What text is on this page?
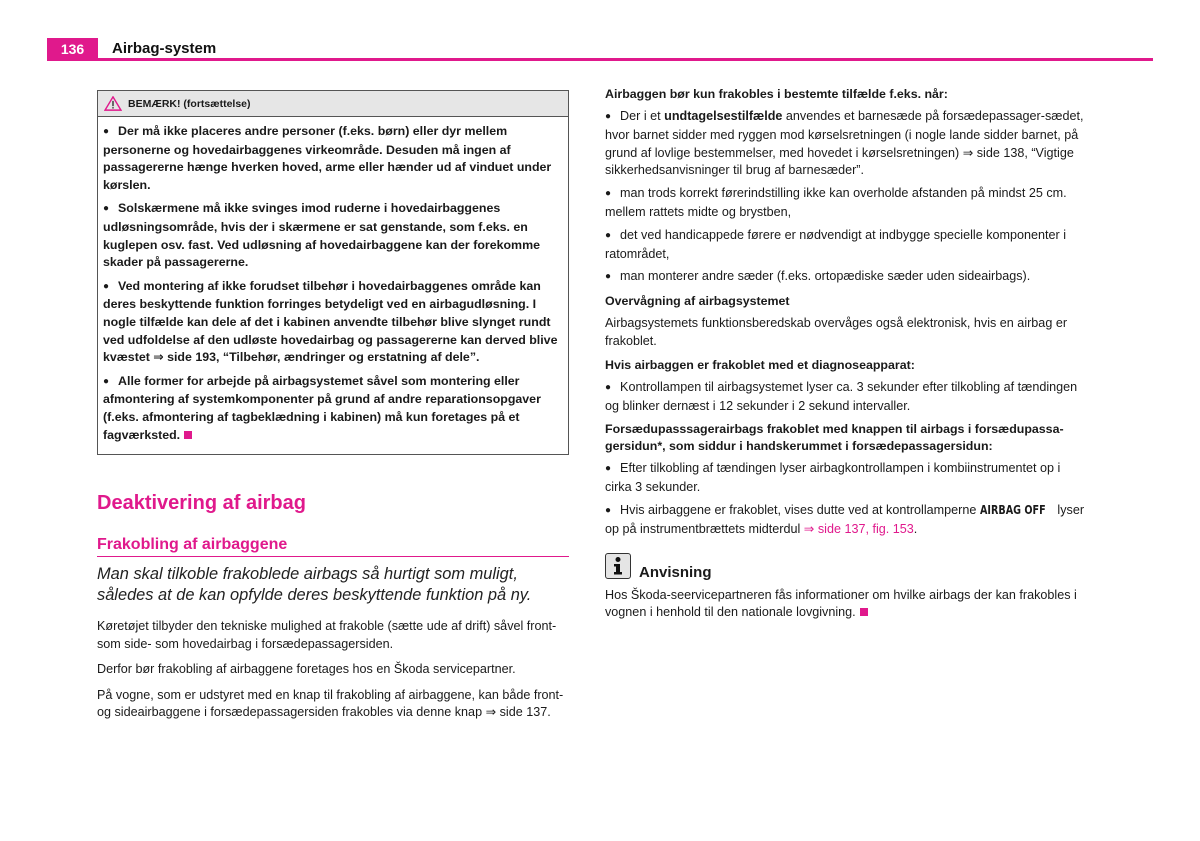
136	Airbag-system
BEMÆRK! (fortsættelse)

● Der må ikke placeres andre personer (f.eks. børn) eller dyr mellem personerne og hovedairbaggenes virkeområde. Desuden må ingen af passagererne hænge hverken hoved, arme eller hænder ud af vinduet under kørslen.

● Solskærmene må ikke svinges imod ruderne i hovedairbaggenes udløsningsområde, hvis der i skærmene er sat genstande, som f.eks. en kuglepen osv. fast. Ved udløsning af hovedairbaggene kan der forekomme skader på passagererne.

● Ved montering af ikke forudset tilbehør i hovedairbaggenes område kan deres beskyttende funktion forringes betydeligt ved en airbagudløsning. I nogle tilfælde kan dele af det i kabinen anvendte tilbehør blive slynget rundt ved udfoldelse af den udløste hovedairbag og passagererne kan derved blive kvæstet ⇒ side 193, “Tilbehør, ændringer og erstatning af dele”.

● Alle former for arbejde på airbagsystemet såvel som montering eller afmontering af systemkomponenter på grund af andre reparationsopgaver (f.eks. afmontering af tagbeklædning i kabinen) må kun foretages på et fagværksted.

Deaktivering af airbag
Frakobling af airbaggene

Man skal tilkoble frakoblede airbags så hurtigt som muligt, således at de kan opfylde deres beskyttende funktion på ny.

Køretøjet tilbyder den tekniske mulighed at frakoble (sætte ude af drift) såvel front-som side- som hovedairbag i forsædepassagersiden.

Derfor bør frakobling af airbaggene foretages hos en Škoda servicepartner.

På vogne, som er udstyret med en knap til frakobling af airbaggene, kan både front-og sideairbaggene i forsædepassagersiden frakobles via denne knap ⇒ side 137.

Airbaggen bør kun frakobles i bestemte tilfælde f.eks. når:

● Der i et undtagelsestilfælde anvendes et barnesæde på forsædepassager-sædet, hvor barnet sidder med ryggen mod kørselsretningen (i nogle lande sidder barnet, på grund af lovlige bestemmelser, med hovedet i kørselsretningen) ⇒ side 138, “Vigtige sikkerhedsanvisninger til brug af barnesæder”.

● man trods korrekt førerindstilling ikke kan overholde afstanden på mindst 25 cm. mellem rattets midte og brystben,

● det ved handicappede førere er nødvendigt at indbygge specielle komponenter i ratområdet,

● man monterer andre sæder (f.eks. ortopædiske sæder uden sideairbags).

Overvågning af airbagsystemet

Airbagsystemets funktionsberedskab overvåges også elektronisk, hvis en airbag er frakoblet.

Hvis airbaggen er frakoblet med et diagnoseapparat:

● Kontrollampen til airbagsystemet lyser ca. 3 sekunder efter tilkobling af tændingen og blinker dernæst i 12 sekunder i 2 sekund intervaller.

Forsædupasssagerairbags frakoblet med knappen til airbags i forsædupassa-gersidun*, som siddur i handskerummet i forsædepassagersidun:

● Efter tilkobling af tændingen lyser airbagkontrollampen i kombiinstrumentet op i cirka 3 sekunder.

● Hvis airbaggene er frakoblet, vises dutte ved at kontrollamperne AIRBAG OFF lyser op på instrumentbrættets midterdul ⇒ side 137, fig. 153.

Anvisning

Hos Škoda-seervicepartneren fås informationer om hvilke airbags der kan frakobles i vognen i henhold til den nationale lovgivning.
